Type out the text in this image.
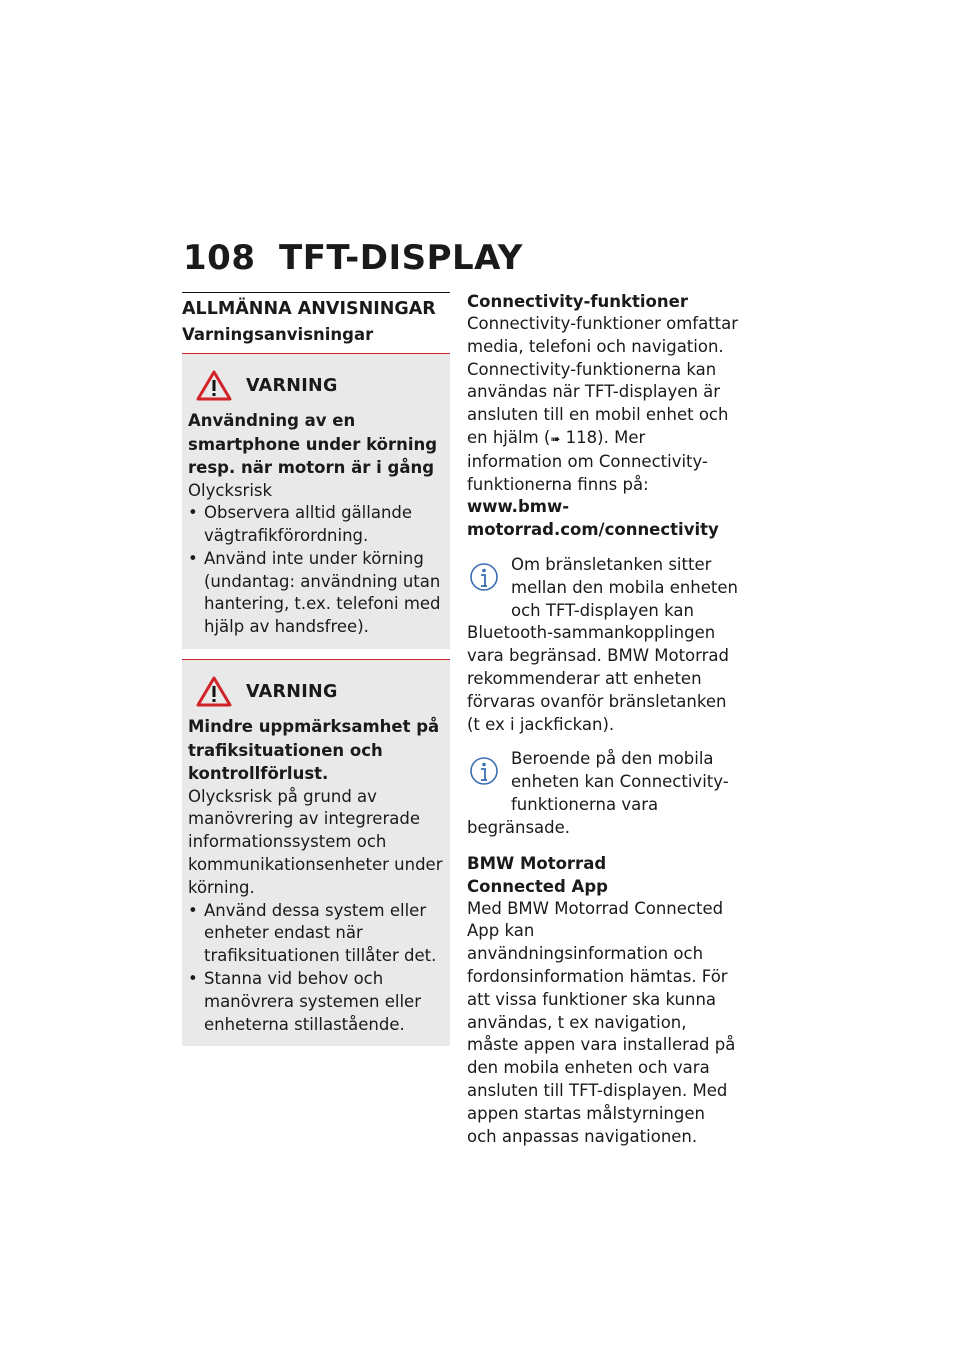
108 TFT-DISPLAY
ALLMÄNNA ANVISNINGAR
Varningsanvisningar
VARNING
Användning av en smartphone under körning resp. när motorn är i gång
Olycksrisk
• Observera alltid gällande vägtrafikförordning.
• Använd inte under körning (undantag: användning utan hantering, t.ex. telefoni med hjälp av handsfree).
VARNING
Mindre uppmärksamhet på trafiksituationen och kontrollförlust.
Olycksrisk på grund av manövrering av integrerade informationssystem och kommunikationsenheter under körning.
• Använd dessa system eller enheter endast när trafiksituationen tillåter det.
• Stanna vid behov och manövrera systemen eller enheterna stillastående.
Connectivity-funktioner
Connectivity-funktioner omfattar media, telefoni och navigation. Connectivity-funktionerna kan användas när TFT-displayen är ansluten till en mobil enhet och en hjälm (➠ 118). Mer information om Connectivity-funktionerna finns på: www.bmw-motorrad.com/connectivity
Om bränsletanken sitter mellan den mobila enheten och TFT-displayen kan Bluetooth-sammankopplingen vara begränsad. BMW Motorrad rekommenderar att enheten förvaras ovanför bränsletanken (t ex i jackfickan).
Beroende på den mobila enheten kan Connectivity-funktionerna vara begränsade.
BMW Motorrad
Connected App
Med BMW Motorrad Connected App kan användningsinformation och fordonsinformation hämtas. För att vissa funktioner ska kunna användas, t ex navigation, måste appen vara installerad på den mobila enheten och vara ansluten till TFT-displayen. Med appen startas målstyrningen och anpassas navigationen.
